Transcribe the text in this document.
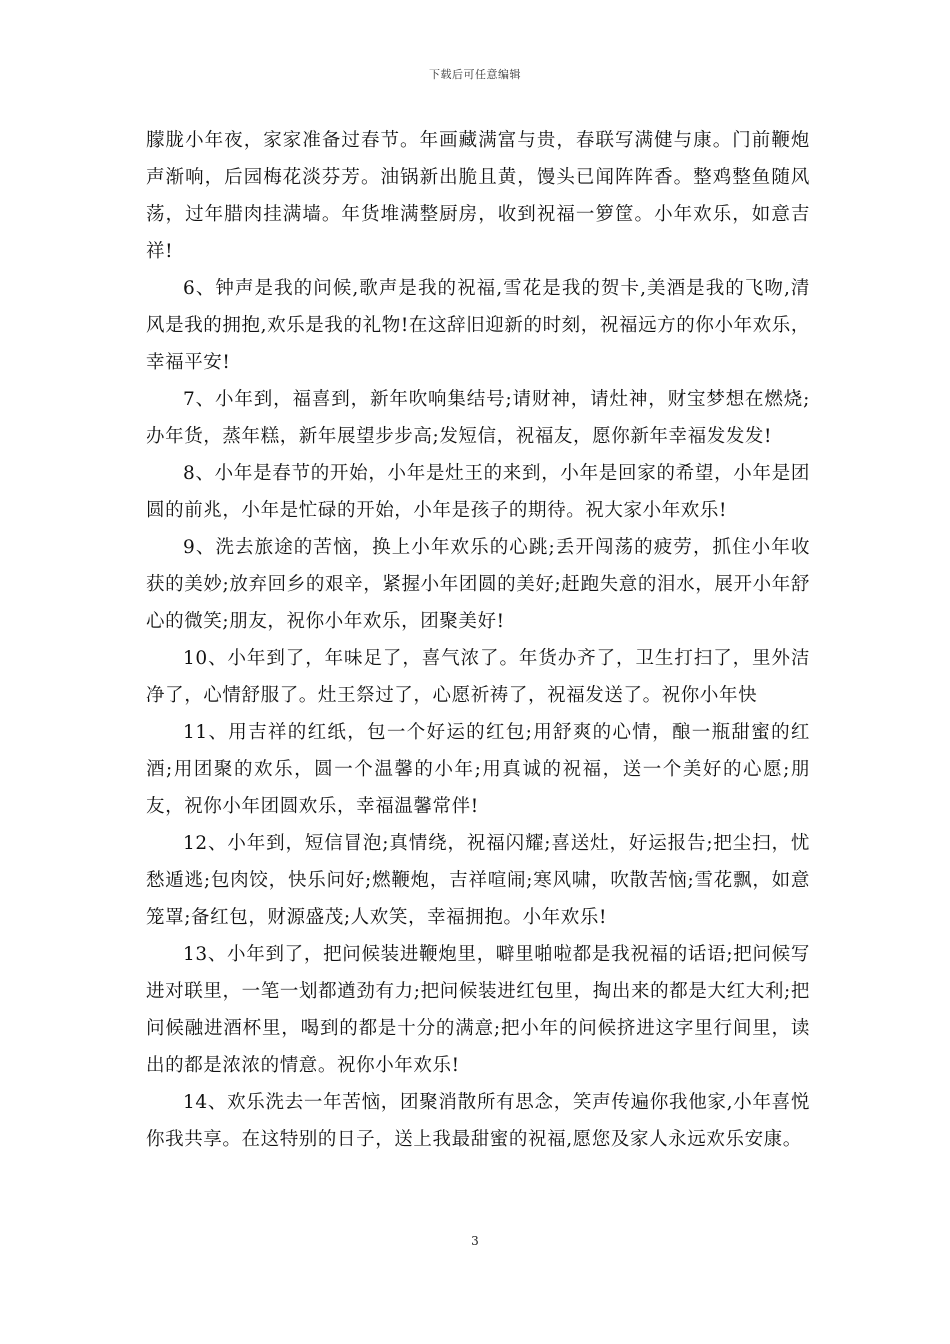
下载后可任意编辑

朦胧小年夜，家家准备过春节。年画藏满富与贵，春联写满健与康。门前鞭炮声渐响，后园梅花淡芬芳。油锅新出脆且黄，馒头已闻阵阵香。整鸡整鱼随风荡，过年腊肉挂满墙。年货堆满整厨房，收到祝福一箩筐。小年欢乐，如意吉祥!

6、钟声是我的问候,歌声是我的祝福,雪花是我的贺卡,美酒是我的飞吻,清风是我的拥抱,欢乐是我的礼物!在这辞旧迎新的时刻，祝福远方的你小年欢乐，幸福平安!

7、小年到，福喜到，新年吹响集结号;请财神，请灶神，财宝梦想在燃烧;办年货，蒸年糕，新年展望步步高;发短信，祝福友，愿你新年幸福发发发!

8、小年是春节的开始，小年是灶王的来到，小年是回家的希望，小年是团圆的前兆，小年是忙碌的开始，小年是孩子的期待。祝大家小年欢乐!

9、洗去旅途的苦恼，换上小年欢乐的心跳;丢开闯荡的疲劳，抓住小年收获的美妙;放弃回乡的艰辛，紧握小年团圆的美好;赶跑失意的泪水，展开小年舒心的微笑;朋友，祝你小年欢乐，团聚美好!

10、小年到了，年味足了，喜气浓了。年货办齐了，卫生打扫了，里外洁净了，心情舒服了。灶王祭过了，心愿祈祷了，祝福发送了。祝你小年快

11、用吉祥的红纸，包一个好运的红包;用舒爽的心情，酿一瓶甜蜜的红酒;用团聚的欢乐，圆一个温馨的小年;用真诚的祝福，送一个美好的心愿;朋友，祝你小年团圆欢乐，幸福温馨常伴!

12、小年到，短信冒泡;真情绕，祝福闪耀;喜送灶，好运报告;把尘扫，忧愁遁逃;包肉饺，快乐问好;燃鞭炮，吉祥喧闹;寒风啸，吹散苦恼;雪花飘，如意笼罩;备红包，财源盛茂;人欢笑，幸福拥抱。小年欢乐!

13、小年到了，把问候装进鞭炮里，噼里啪啦都是我祝福的话语;把问候写进对联里，一笔一划都遒劲有力;把问候装进红包里，掏出来的都是大红大利;把问候融进酒杯里，喝到的都是十分的满意;把小年的问候挤进这字里行间里，读出的都是浓浓的情意。祝你小年欢乐!

14、欢乐洗去一年苦恼，团聚消散所有思念，笑声传遍你我他家,小年喜悦你我共享。在这特别的日子，送上我最甜蜜的祝福,愿您及家人永远欢乐安康。

3
